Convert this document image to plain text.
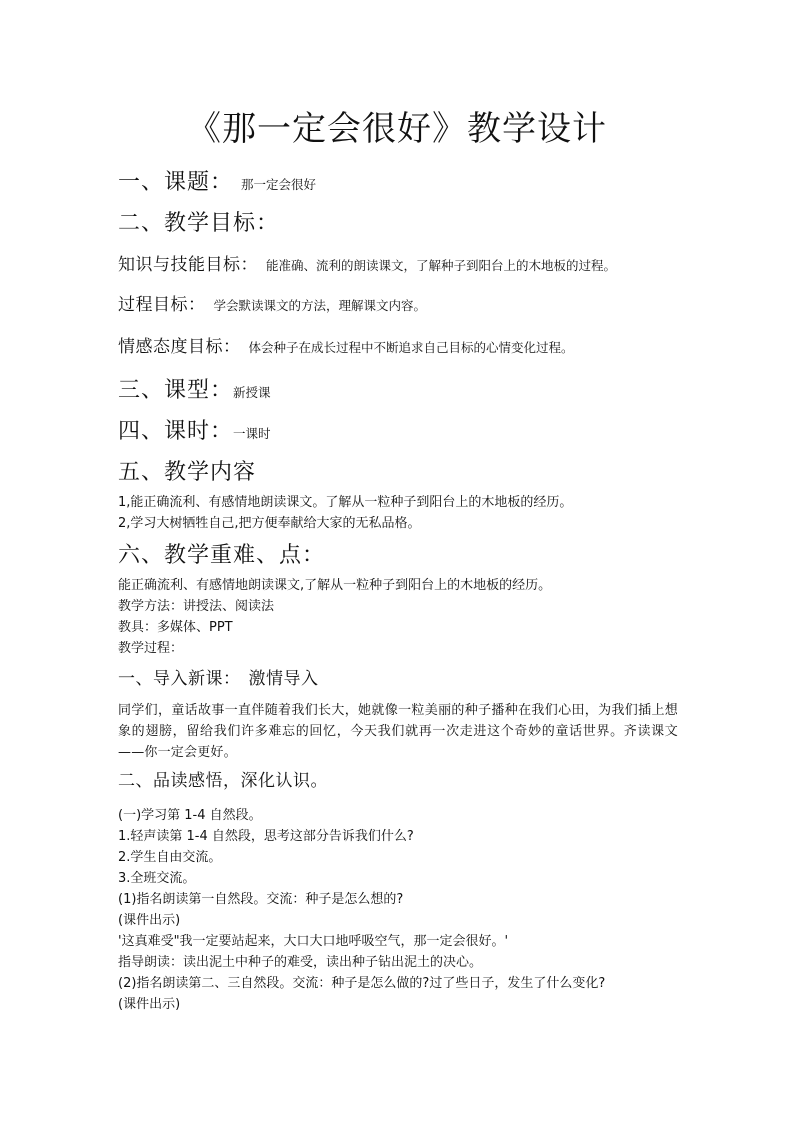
《那一定会很好》教学设计
一、课题： 那一定会很好
二、教学目标：
知识与技能目标： 能准确、流利的朗读课文，了解种子到阳台上的木地板的过程。
过程目标： 学会默读课文的方法，理解课文内容。
情感态度目标： 体会种子在成长过程中不断追求自己目标的心情变化过程。
三、课型：新授课
四、课时：一课时
五、教学内容
1,能正确流利、有感情地朗读课文。了解从一粒种子到阳台上的木地板的经历。
2,学习大树牺牲自己,把方便奉献给大家的无私品格。
六、教学重难、点：
能正确流利、有感情地朗读课文,了解从一粒种子到阳台上的木地板的经历。
教学方法：讲授法、阅读法
教具：多媒体、PPT
教学过程：
一、导入新课： 激情导入
同学们，童话故事一直伴随着我们长大，她就像一粒美丽的种子播种在我们心田，为我们插上想象的翅膀，留给我们许多难忘的回忆，今天我们就再一次走进这个奇妙的童话世界。齐读课文——你一定会更好。
二、品读感悟，深化认识。
(一)学习第 1-4 自然段。
1.轻声读第 1-4 自然段，思考这部分告诉我们什么?
2.学生自由交流。
3.全班交流。
(1)指名朗读第一自然段。交流：种子是怎么想的?
(课件出示)
'这真难受"我一定要站起来，大口大口地呼吸空气，那一定会很好。'
指导朗读：读出泥土中种子的难受，读出种子钻出泥土的决心。
(2)指名朗读第二、三自然段。交流：种子是怎么做的?过了些日子，发生了什么变化?
(课件出示)
